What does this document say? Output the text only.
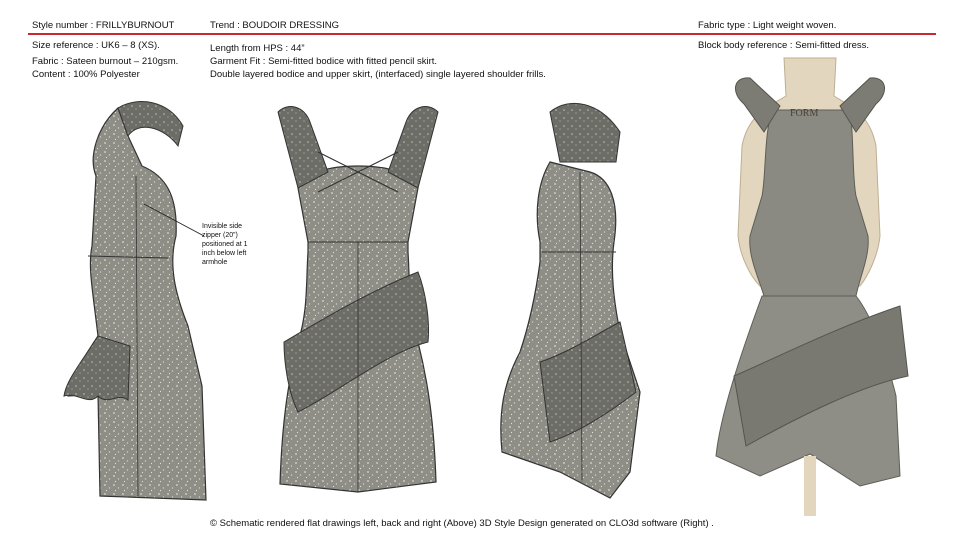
Style number : FRILLYBURNOUT	Trend : BOUDOIR DRESSING	Fabric type : Light weight woven.
Size reference : UK6 – 8 (XS).
Fabric : Sateen burnout – 210gsm.
Content : 100% Polyester
Length from HPS : 44”
Garment Fit : Semi-fitted bodice with fitted pencil skirt.
Double layered bodice and upper skirt, (interfaced) single layered shoulder frills.
Block body reference : Semi-fitted dress.
Invisible side zipper (20”) positioned at 1 inch below left armhole
FORM
© Schematic rendered flat drawings left, back and right (Above) 3D Style Design generated on CLO3d software (Right) .
